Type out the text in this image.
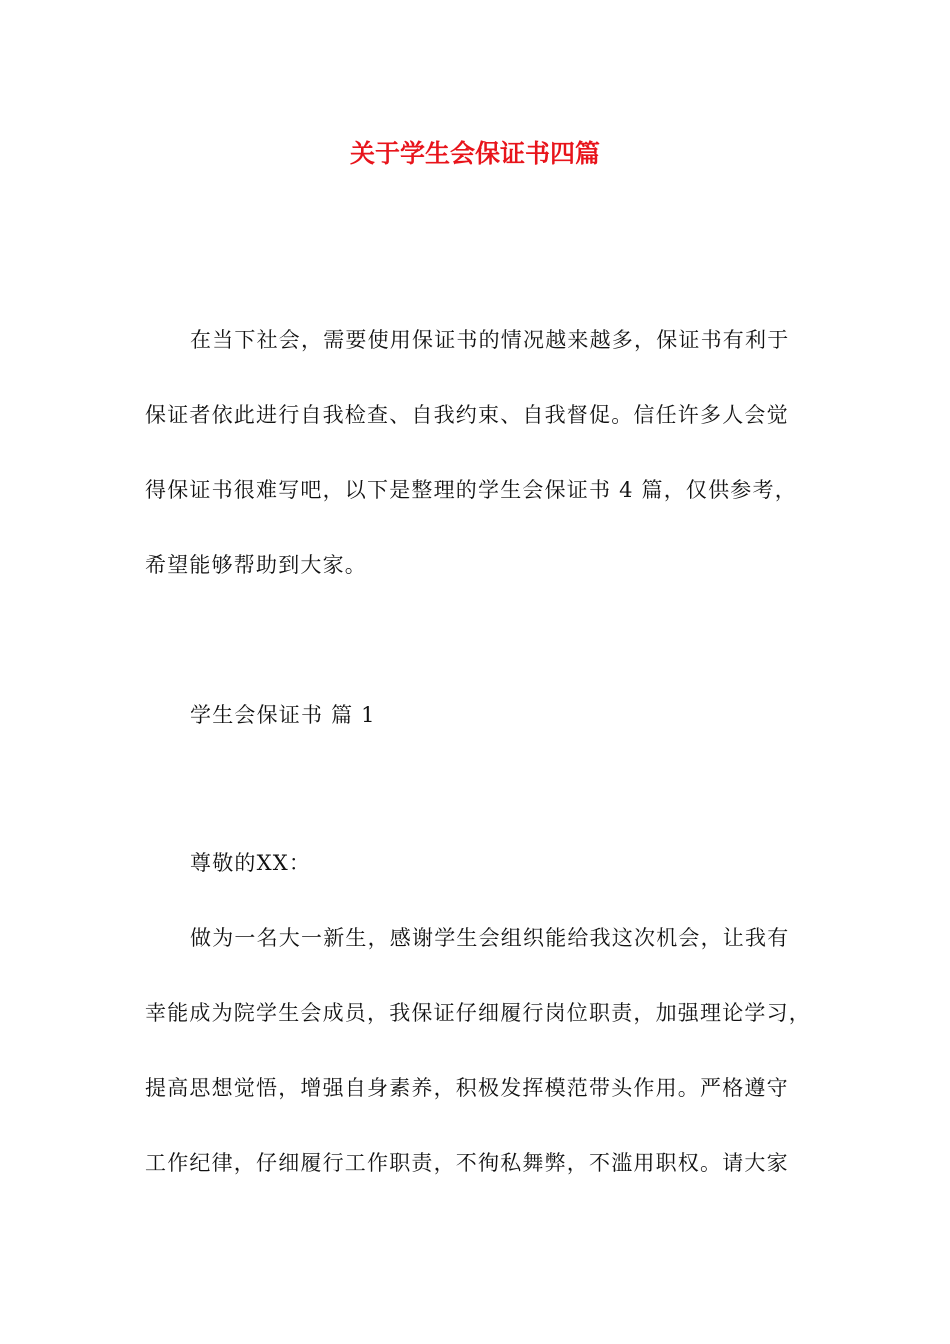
关于学生会保证书四篇
在当下社会，需要使用保证书的情况越来越多，保证书有利于
保证者依此进行自我检查、自我约束、自我督促。信任许多人会觉
得保证书很难写吧，以下是整理的学生会保证书 4 篇，仅供参考，
希望能够帮助到大家。
学生会保证书 篇 1
尊敬的XX：
做为一名大一新生，感谢学生会组织能给我这次机会，让我有
幸能成为院学生会成员，我保证仔细履行岗位职责，加强理论学习，
提高思想觉悟，增强自身素养，积极发挥模范带头作用。严格遵守
工作纪律，仔细履行工作职责，不徇私舞弊，不滥用职权。请大家
